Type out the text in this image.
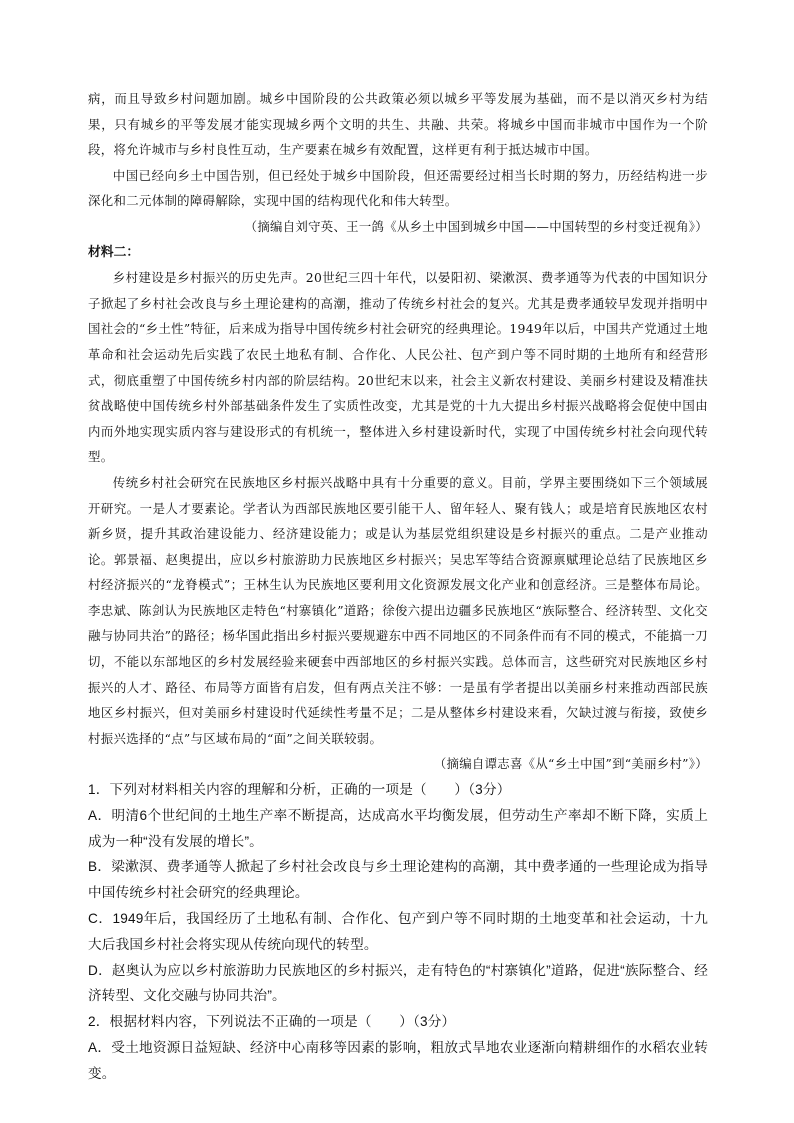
病，而且导致乡村问题加剧。城乡中国阶段的公共政策必须以城乡平等发展为基础，而不是以消灭乡村为结果，只有城乡的平等发展才能实现城乡两个文明的共生、共融、共荣。将城乡中国而非城市中国作为一个阶段，将允许城市与乡村良性互动，生产要素在城乡有效配置，这样更有利于抵达城市中国。

中国已经向乡土中国告别，但已经处于城乡中国阶段，但还需要经过相当长时期的努力，历经结构进一步深化和二元体制的障碍解除，实现中国的结构现代化和伟大转型。

（摘编自刘守英、王一鸽《从乡土中国到城乡中国——中国转型的乡村变迁视角》）

材料二：

乡村建设是乡村振兴的历史先声。20世纪三四十年代，以晏阳初、梁漱溟、费孝通等为代表的中国知识分子掀起了乡村社会改良与乡土理论建构的高潮，推动了传统乡村社会的复兴。尤其是费孝通较早发现并指明中国社会的“乡土性”特征，后来成为指导中国传统乡村社会研究的经典理论。1949年以后，中国共产党通过土地革命和社会运动先后实践了农民土地私有制、合作化、人民公社、包产到户等不同时期的土地所有和经营形式，彻底重塑了中国传统乡村内部的阶层结构。20世纪末以来，社会主义新农村建设、美丽乡村建设及精准扶贫战略使中国传统乡村外部基础条件发生了实质性改变，尤其是党的十九大提出乡村振兴战略将会促使中国由内而外地实现实质内容与建设形式的有机统一，整体进入乡村建设新时代，实现了中国传统乡村社会向现代转型。

传统乡村社会研究在民族地区乡村振兴战略中具有十分重要的意义。目前，学界主要围绕如下三个领域展开研究。一是人才要素论。学者认为西部民族地区要引能干人、留年轻人、聚有钱人；或是培育民族地区农村新乡贤，提升其政治建设能力、经济建设能力；或是认为基层党组织建设是乡村振兴的重点。二是产业推动论。郭景福、赵奥提出，应以乡村旅游助力民族地区乡村振兴；吴忠军等结合资源禀赋理论总结了民族地区乡村经济振兴的“龙脊模式”；王林生认为民族地区要利用文化资源发展文化产业和创意经济。三是整体布局论。李忠斌、陈剑认为民族地区走特色“村寨镇化”道路；徐俊六提出边疆多民族地区“族际整合、经济转型、文化交融与协同共治”的路径；杨华国此指出乡村振兴要规避东中西不同地区的不同条件而有不同的模式，不能搞一刀切，不能以东部地区的乡村发展经验来硬套中西部地区的乡村振兴实践。总体而言，这些研究对民族地区乡村振兴的人才、路径、布局等方面皆有启发，但有两点关注不够：一是虽有学者提出以美丽乡村来推动西部民族地区乡村振兴，但对美丽乡村建设时代延续性考量不足；二是从整体乡村建设来看，欠缺过渡与衔接，致使乡村振兴选择的“点”与区域布局的“面”之间关联较弱。

（摘编自谭志喜《从“乡土中国”到“美丽乡村”》）

1．下列对材料相关内容的理解和分析，正确的一项是（　　）（3分）

A．明清6个世纪间的土地生产率不断提高，达成高水平均衡发展，但劳动生产率却不断下降，实质上成为一种“没有发展的增长”。

B．梁漱溟、费孝通等人掀起了乡村社会改良与乡土理论建构的高潮，其中费孝通的一些理论成为指导中国传统乡村社会研究的经典理论。

C．1949年后，我国经历了土地私有制、合作化、包产到户等不同时期的土地变革和社会运动，十九大后我国乡村社会将实现从传统向现代的转型。

D．赵奥认为应以乡村旅游助力民族地区的乡村振兴，走有特色的“村寨镇化”道路，促进“族际整合、经济转型、文化交融与协同共治”。

2．根据材料内容，下列说法不正确的一项是（　　）（3分）

A．受土地资源日益短缺、经济中心南移等因素的影响，粗放式旱地农业逐渐向精耕细作的水稻农业转变。
